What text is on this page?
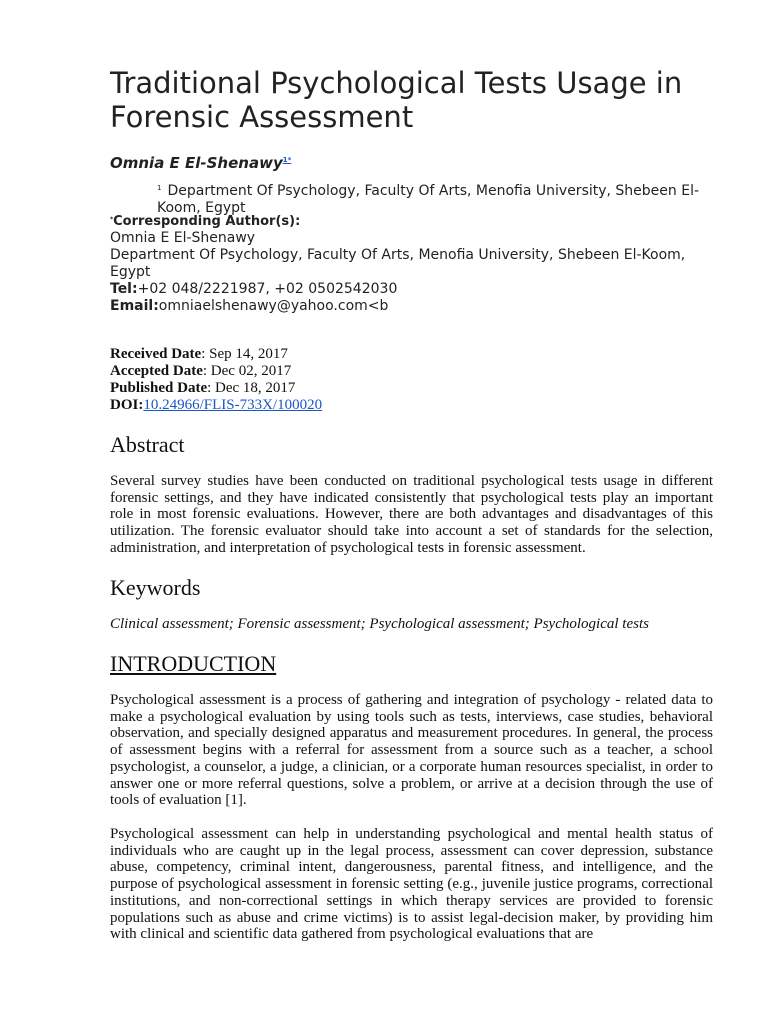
Traditional Psychological Tests Usage in Forensic Assessment
Omnia E El-Shenawy$^{1*}$
$^1$ Department Of Psychology, Faculty Of Arts, Menofia University, Shebeen El-Koom, Egypt
*Corresponding Author(s):
Omnia E El-Shenawy
Department Of Psychology, Faculty Of Arts, Menofia University, Shebeen El-Koom, Egypt
Tel:+02 048/2221987, +02 0502542030
Email:omniaelshenawy@yahoo.com<b
Received Date: Sep 14, 2017
Accepted Date: Dec 02, 2017
Published Date: Dec 18, 2017
DOI:10.24966/FLIS-733X/100020
Abstract

Several survey studies have been conducted on traditional psychological tests usage in different forensic settings, and they have indicated consistently that psychological tests play an important role in most forensic evaluations. However, there are both advantages and disadvantages of this utilization. The forensic evaluator should take into account a set of standards for the selection, administration, and interpretation of psychological tests in forensic assessment.

Keywords

Clinical assessment; Forensic assessment; Psychological assessment; Psychological tests

INTRODUCTION

Psychological assessment is a process of gathering and integration of psychology - related data to make a psychological evaluation by using tools such as tests, interviews, case studies, behavioral observation, and specially designed apparatus and measurement procedures. In general, the process of assessment begins with a referral for assessment from a source such as a teacher, a school psychologist, a counselor, a judge, a clinician, or a corporate human resources specialist, in order to answer one or more referral questions, solve a problem, or arrive at a decision through the use of tools of evaluation [1].

Psychological assessment can help in understanding psychological and mental health status of individuals who are caught up in the legal process, assessment can cover depression, substance abuse, competency, criminal intent, dangerousness, parental fitness, and intelligence, and the purpose of psychological assessment in forensic setting (e.g., juvenile justice programs, correctional institutions, and non-correctional settings in which therapy services are provided to forensic populations such as abuse and crime victims) is to assist legal-decision maker, by providing him with clinical and scientific data gathered from psychological evaluations that are
